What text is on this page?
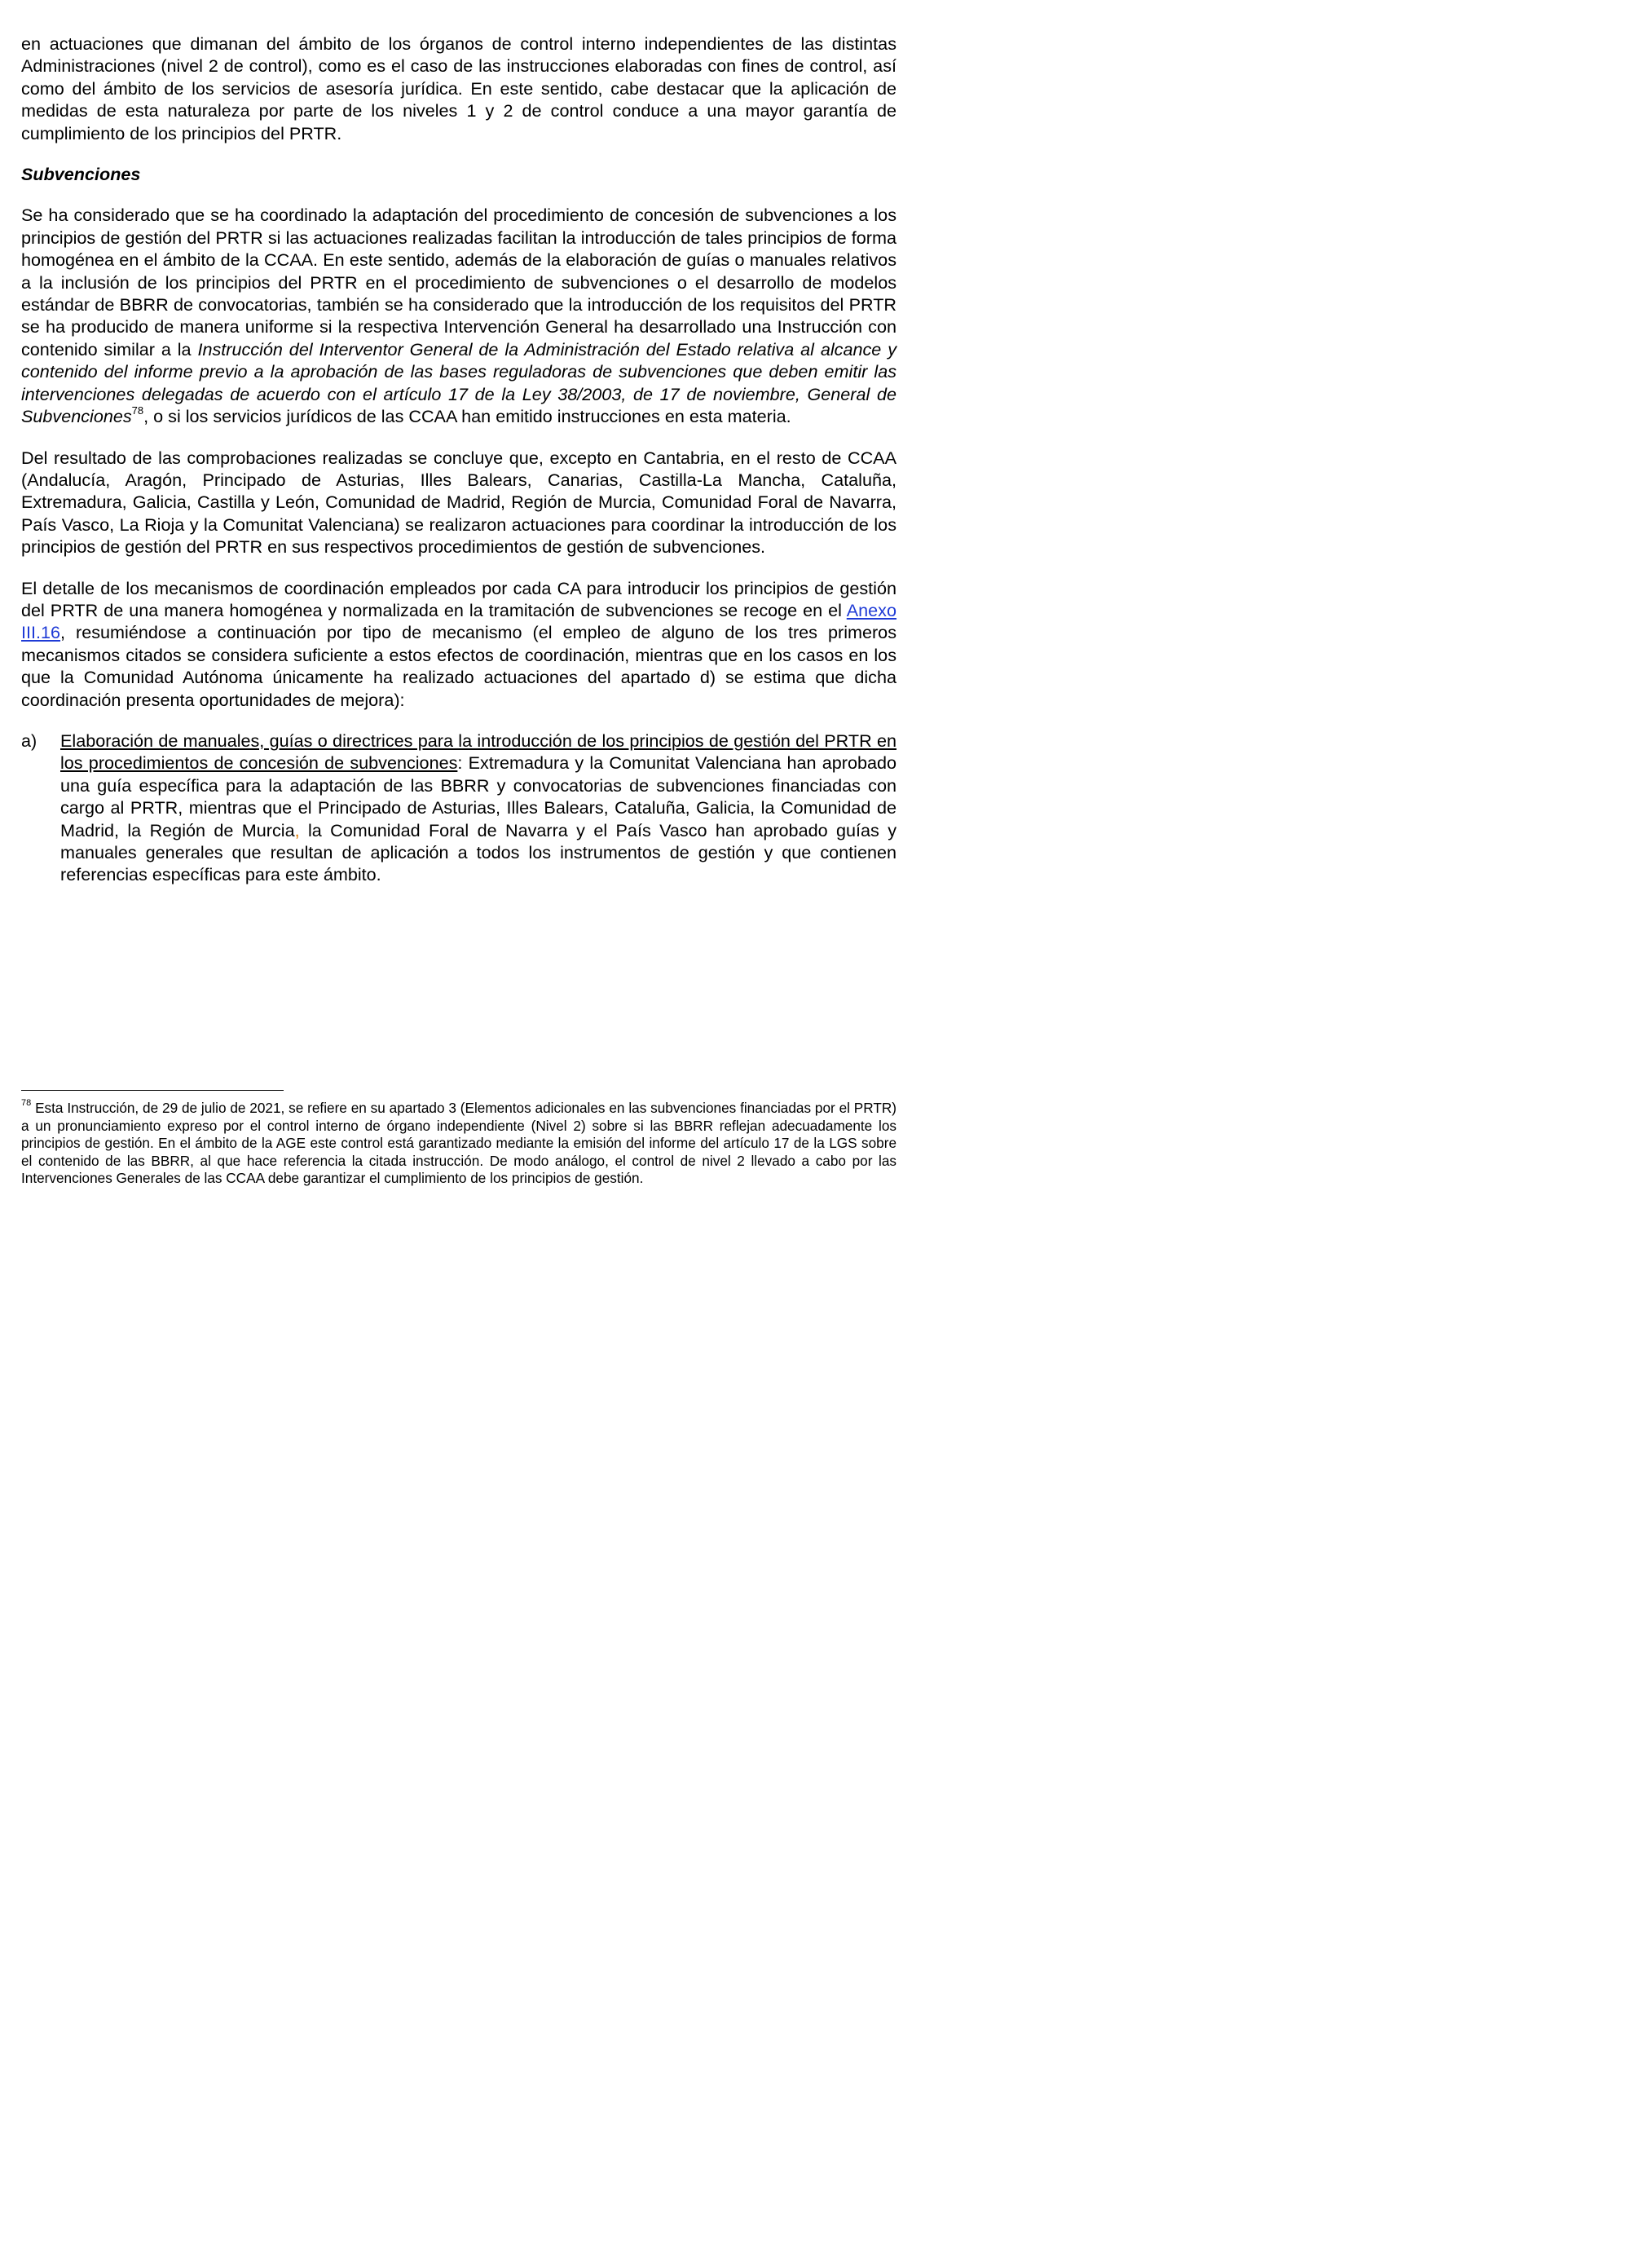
en actuaciones que dimanan del ámbito de los órganos de control interno independientes de las distintas Administraciones (nivel 2 de control), como es el caso de las instrucciones elaboradas con fines de control, así como del ámbito de los servicios de asesoría jurídica. En este sentido, cabe destacar que la aplicación de medidas de esta naturaleza por parte de los niveles 1 y 2 de control conduce a una mayor garantía de cumplimiento de los principios del PRTR.

Subvenciones

Se ha considerado que se ha coordinado la adaptación del procedimiento de concesión de subvenciones a los principios de gestión del PRTR si las actuaciones realizadas facilitan la introducción de tales principios de forma homogénea en el ámbito de la CCAA. En este sentido, además de la elaboración de guías o manuales relativos a la inclusión de los principios del PRTR en el procedimiento de subvenciones o el desarrollo de modelos estándar de BBRR de convocatorias, también se ha considerado que la introducción de los requisitos del PRTR se ha producido de manera uniforme si la respectiva Intervención General ha desarrollado una Instrucción con contenido similar a la Instrucción del Interventor General de la Administración del Estado relativa al alcance y contenido del informe previo a la aprobación de las bases reguladoras de subvenciones que deben emitir las intervenciones delegadas de acuerdo con el artículo 17 de la Ley 38/2003, de 17 de noviembre, General de Subvenciones$^{78}$, o si los servicios jurídicos de las CCAA han emitido instrucciones en esta materia.

Del resultado de las comprobaciones realizadas se concluye que, excepto en Cantabria, en el resto de CCAA (Andalucía, Aragón, Principado de Asturias, Illes Balears, Canarias, Castilla-La Mancha, Cataluña, Extremadura, Galicia, Castilla y León, Comunidad de Madrid, Región de Murcia, Comunidad Foral de Navarra, País Vasco, La Rioja y la Comunitat Valenciana) se realizaron actuaciones para coordinar la introducción de los principios de gestión del PRTR en sus respectivos procedimientos de gestión de subvenciones.

El detalle de los mecanismos de coordinación empleados por cada CA para introducir los principios de gestión del PRTR de una manera homogénea y normalizada en la tramitación de subvenciones se recoge en el Anexo III.16, resumiéndose a continuación por tipo de mecanismo (el empleo de alguno de los tres primeros mecanismos citados se considera suficiente a estos efectos de coordinación, mientras que en los casos en los que la Comunidad Autónoma únicamente ha realizado actuaciones del apartado d) se estima que dicha coordinación presenta oportunidades de mejora):

a)	Elaboración de manuales, guías o directrices para la introducción de los principios de gestión del PRTR en los procedimientos de concesión de subvenciones: Extremadura y la Comunitat Valenciana han aprobado una guía específica para la adaptación de las BBRR y convocatorias de subvenciones financiadas con cargo al PRTR, mientras que el Principado de Asturias, Illes Balears, Cataluña, Galicia, la Comunidad de Madrid, la Región de Murcia, la Comunidad Foral de Navarra y el País Vasco han aprobado guías y manuales generales que resultan de aplicación a todos los instrumentos de gestión y que contienen referencias específicas para este ámbito.

$^{78}$ Esta Instrucción, de 29 de julio de 2021, se refiere en su apartado 3 (Elementos adicionales en las subvenciones financiadas por el PRTR) a un pronunciamiento expreso por el control interno de órgano independiente (Nivel 2) sobre si las BBRR reflejan adecuadamente los principios de gestión. En el ámbito de la AGE este control está garantizado mediante la emisión del informe del artículo 17 de la LGS sobre el contenido de las BBRR, al que hace referencia la citada instrucción. De modo análogo, el control de nivel 2 llevado a cabo por las Intervenciones Generales de las CCAA debe garantizar el cumplimiento de los principios de gestión.
